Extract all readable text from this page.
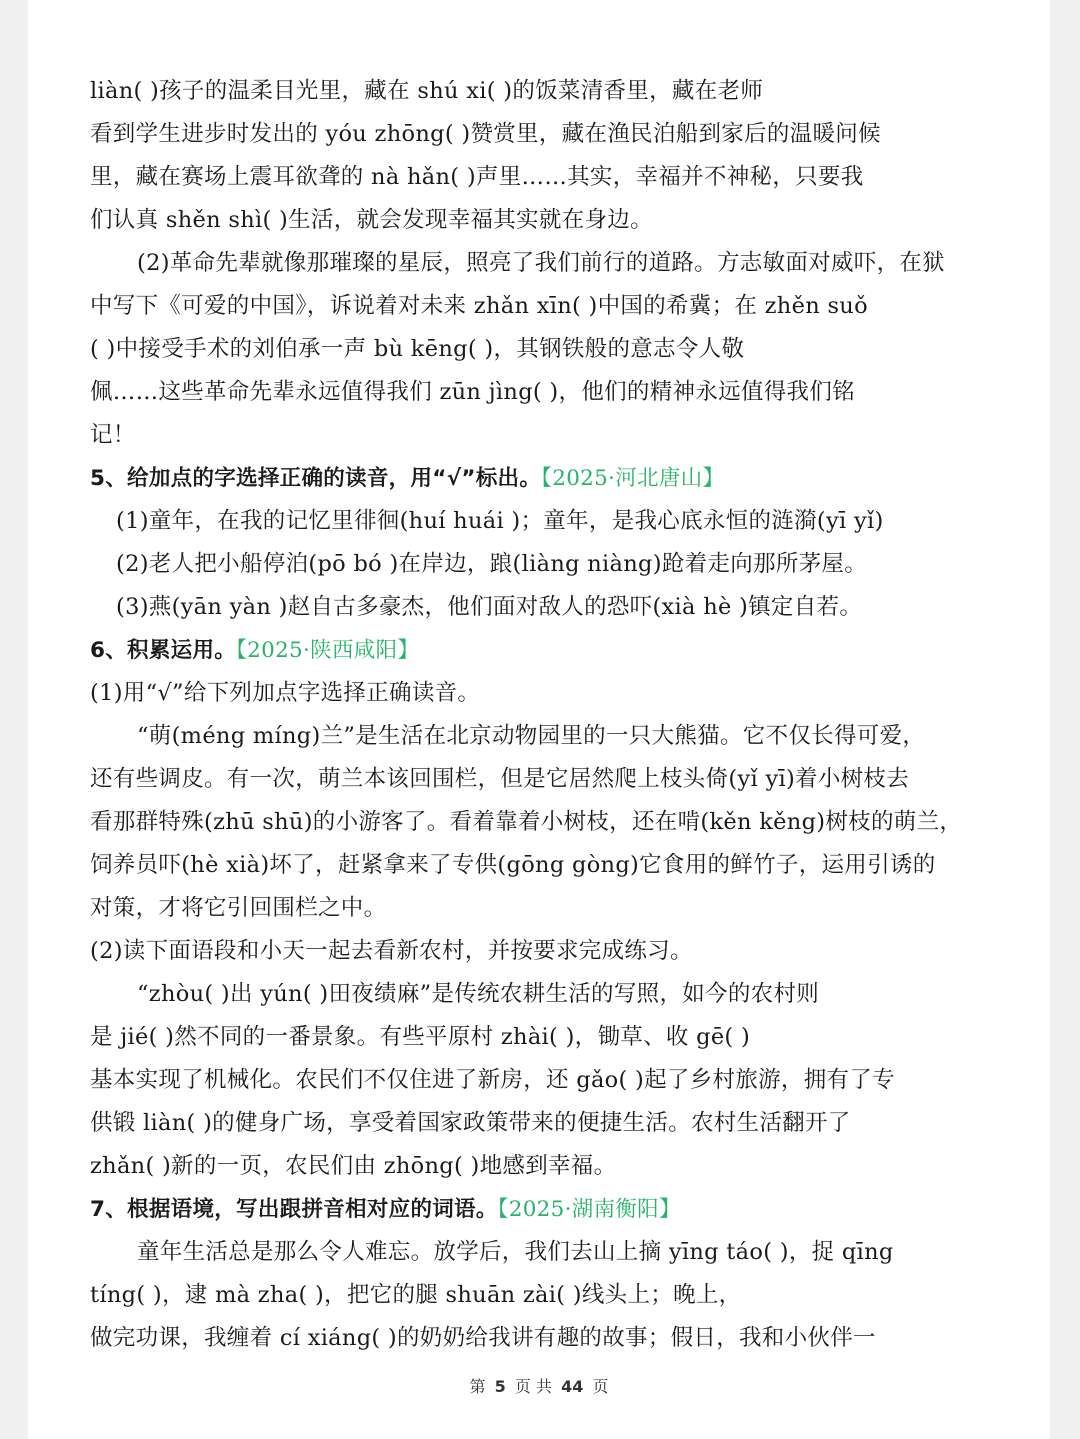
liàn( )孩子的温柔目光里，藏在 shú xi( )的饭菜清香里，藏在老师
看到学生进步时发出的 yóu zhōng( )赞赏里，藏在渔民泊船到家后的温暖问候
里，藏在赛场上震耳欲聋的 nà hǎn( )声里……其实，幸福并不神秘，只要我
们认真 shěn shì( )生活，就会发现幸福其实就在身边。
(2)革命先辈就像那璀璨的星辰，照亮了我们前行的道路。方志敏面对威吓，在狱
中写下《可爱的中国》，诉说着对未来 zhǎn xīn( )中国的希冀；在 zhěn suǒ
( )中接受手术的刘伯承一声 bù kēng( )，其钢铁般的意志令人敬
佩……这些革命先辈永远值得我们 zūn jìng( )，他们的精神永远值得我们铭
记！
5、给加点的字选择正确的读音，用“√”标出。【2025·河北唐山】
(1)童年，在我的记忆里徘徊(huí huái )；童年，是我心底永恒的涟漪(yī yǐ)
(2)老人把小船停泊(pō bó )在岸边，踉(liàng niàng)跄着走向那所茅屋。
(3)燕(yān yàn )赵自古多豪杰，他们面对敌人的恐吓(xià hè )镇定自若。
6、积累运用。【2025·陕西咸阳】
(1)用“√”给下列加点字选择正确读音。
“萌(méng míng)兰”是生活在北京动物园里的一只大熊猫。它不仅长得可爱，
还有些调皮。有一次，萌兰本该回围栏，但是它居然爬上枝头倚(yǐ yī)着小树枝去
看那群特殊(zhū shū)的小游客了。看着靠着小树枝，还在啃(kěn kěng)树枝的萌兰，
饲养员吓(hè xià)坏了，赶紧拿来了专供(gōng gòng)它食用的鲜竹子，运用引诱的
对策，才将它引回围栏之中。
(2)读下面语段和小天一起去看新农村，并按要求完成练习。
“zhòu( )出 yún( )田夜绩麻”是传统农耕生活的写照，如今的农村则
是 jié( )然不同的一番景象。有些平原村 zhài( )，锄草、收 gē( )
基本实现了机械化。农民们不仅住进了新房，还 gǎo( )起了乡村旅游，拥有了专
供锻 liàn( )的健身广场，享受着国家政策带来的便捷生活。农村生活翻开了
zhǎn( )新的一页，农民们由 zhōng( )地感到幸福。
7、根据语境，写出跟拼音相对应的词语。【2025·湖南衡阳】
童年生活总是那么令人难忘。放学后，我们去山上摘 yīng táo( )，捉 qīng
tíng( )，逮 mà zha( )，把它的腿 shuān zài( )线头上；晚上，
做完功课，我缠着 cí xiáng( )的奶奶给我讲有趣的故事；假日，我和小伙伴一
第 5 页 共 44 页
